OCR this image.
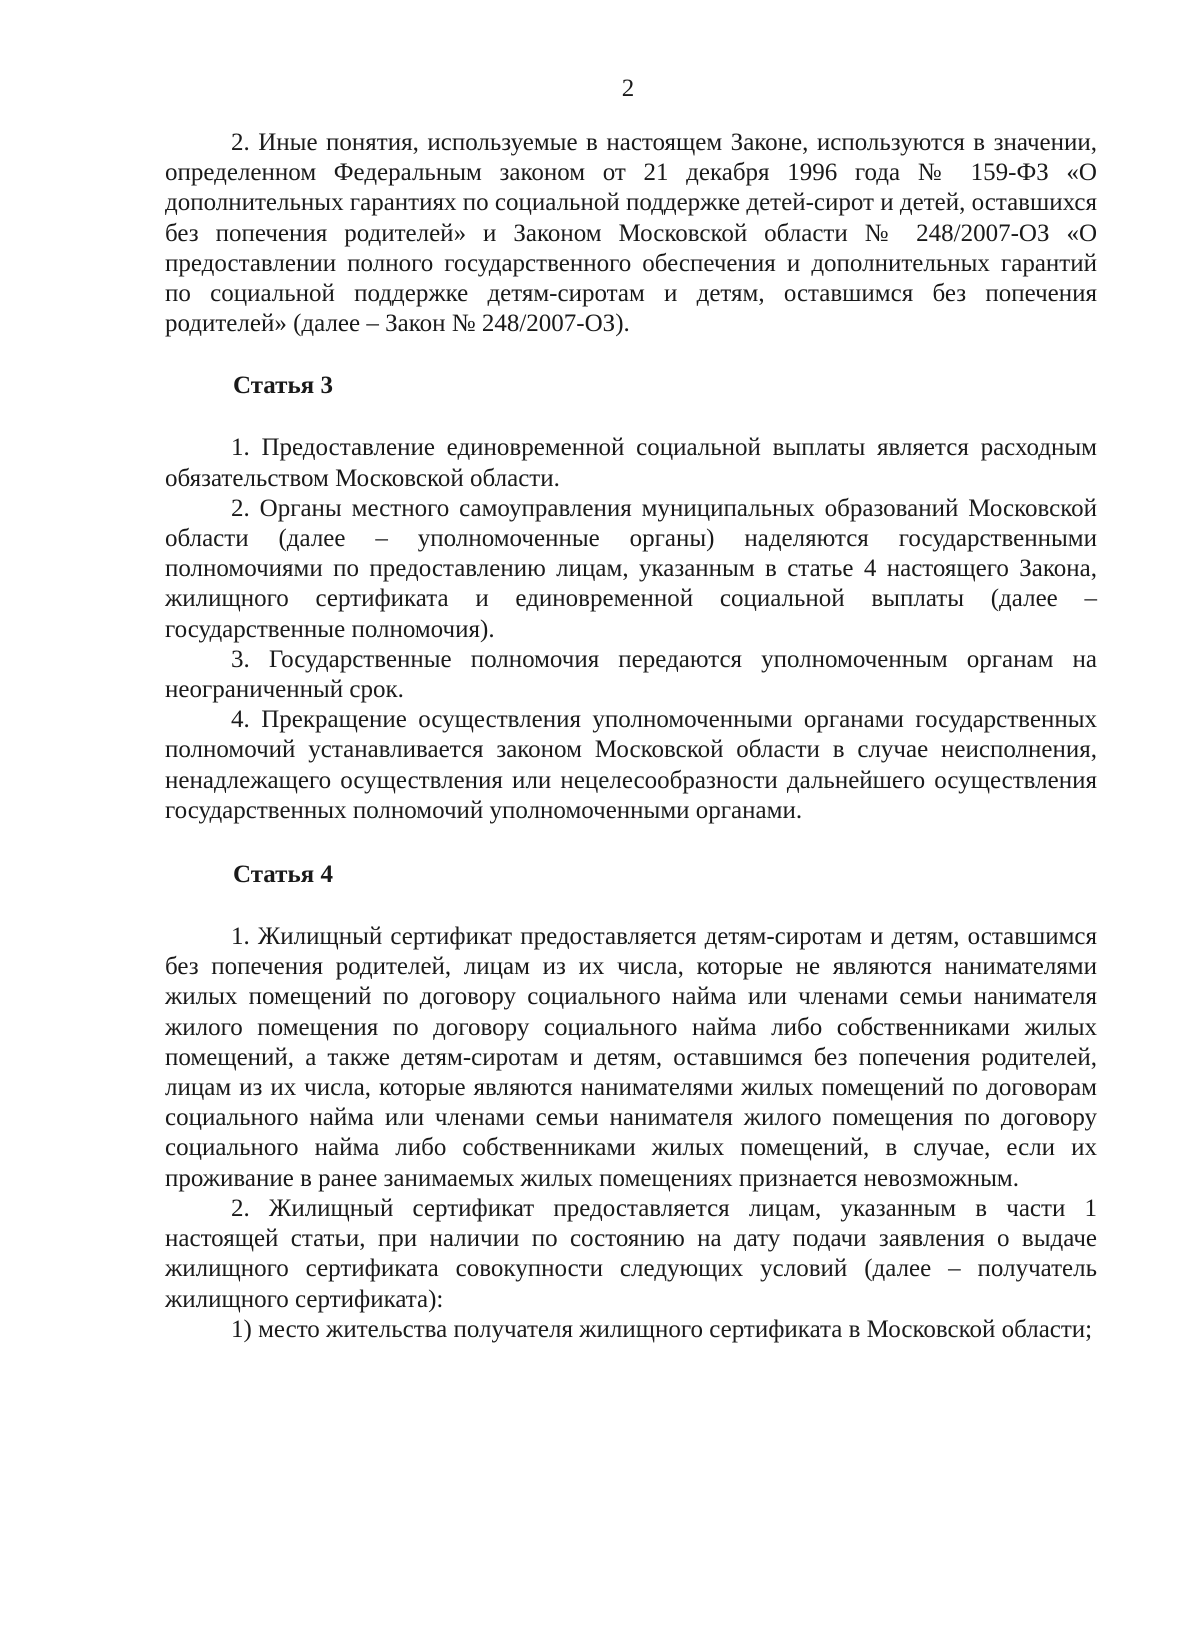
2

2. Иные понятия, используемые в настоящем Законе, используются в значении, определенном Федеральным законом от 21 декабря 1996 года № 159-ФЗ «О дополнительных гарантиях по социальной поддержке детей-сирот и детей, оставшихся без попечения родителей» и Законом Московской области № 248/2007-ОЗ «О предоставлении полного государственного обеспечения и дополнительных гарантий по социальной поддержке детям-сиротам и детям, оставшимся без попечения родителей» (далее – Закон № 248/2007-ОЗ).

Статья 3

1. Предоставление единовременной социальной выплаты является расходным обязательством Московской области.

2. Органы местного самоуправления муниципальных образований Московской области (далее – уполномоченные органы) наделяются государственными полномочиями по предоставлению лицам, указанным в статье 4 настоящего Закона, жилищного сертификата и единовременной социальной выплаты (далее – государственные полномочия).

3. Государственные полномочия передаются уполномоченным органам на неограниченный срок.

4. Прекращение осуществления уполномоченными органами государственных полномочий устанавливается законом Московской области в случае неисполнения, ненадлежащего осуществления или нецелесообразности дальнейшего осуществления государственных полномочий уполномоченными органами.

Статья 4

1. Жилищный сертификат предоставляется детям-сиротам и детям, оставшимся без попечения родителей, лицам из их числа, которые не являются нанимателями жилых помещений по договору социального найма или членами семьи нанимателя жилого помещения по договору социального найма либо собственниками жилых помещений, а также детям-сиротам и детям, оставшимся без попечения родителей, лицам из их числа, которые являются нанимателями жилых помещений по договорам социального найма или членами семьи нанимателя жилого помещения по договору социального найма либо собственниками жилых помещений, в случае, если их проживание в ранее занимаемых жилых помещениях признается невозможным.

2. Жилищный сертификат предоставляется лицам, указанным в части 1 настоящей статьи, при наличии по состоянию на дату подачи заявления о выдаче жилищного сертификата совокупности следующих условий (далее – получатель жилищного сертификата):

1) место жительства получателя жилищного сертификата в Московской области;
